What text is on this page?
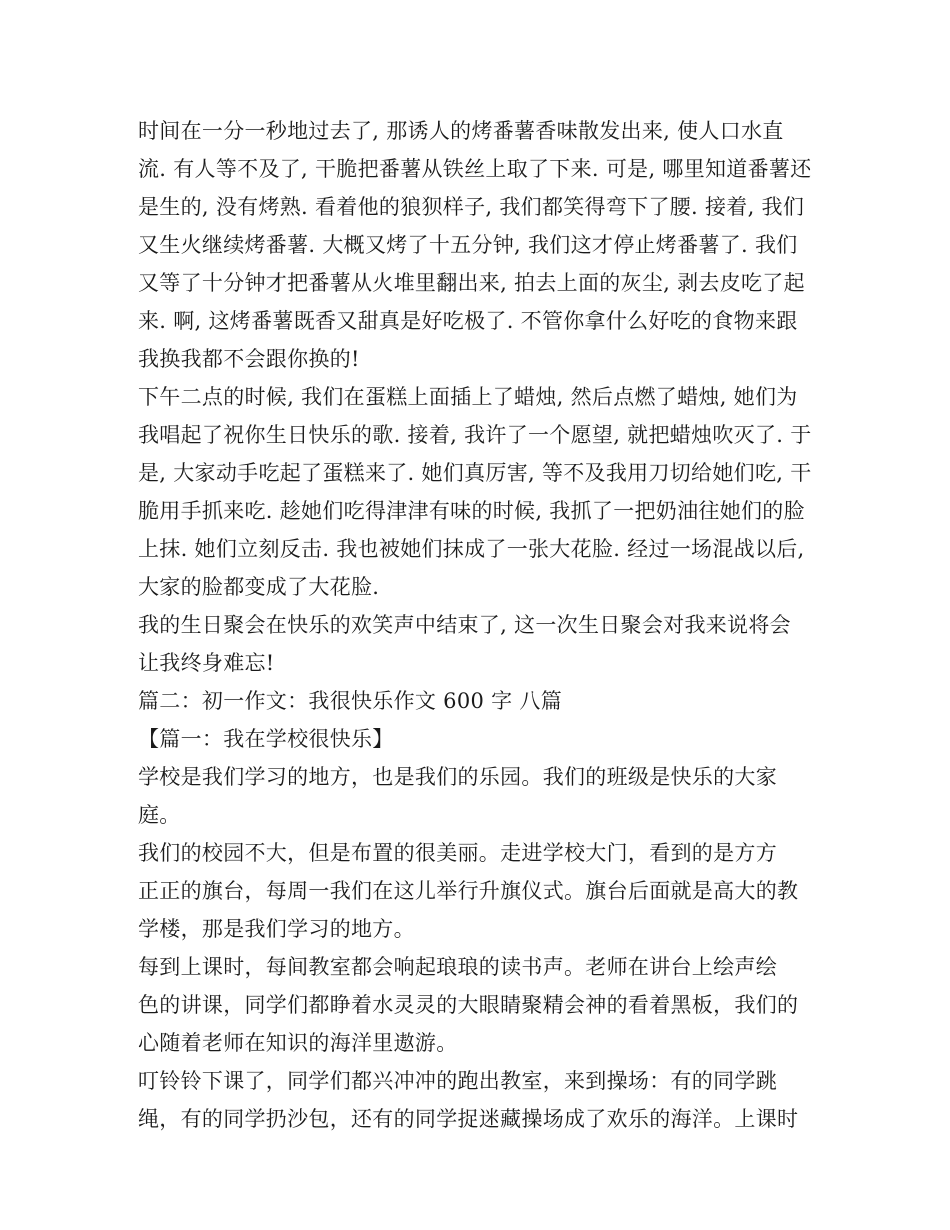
时间在一分一秒地过去了, 那诱人的烤番薯香味散发出来, 使人口水直
流. 有人等不及了, 干脆把番薯从铁丝上取了下来. 可是, 哪里知道番薯还
是生的, 没有烤熟. 看着他的狼狈样子, 我们都笑得弯下了腰. 接着, 我们
又生火继续烤番薯. 大概又烤了十五分钟, 我们这才停止烤番薯了. 我们
又等了十分钟才把番薯从火堆里翻出来, 拍去上面的灰尘, 剥去皮吃了起
来. 啊, 这烤番薯既香又甜真是好吃极了. 不管你拿什么好吃的食物来跟
我换我都不会跟你换的!
下午二点的时候, 我们在蛋糕上面插上了蜡烛, 然后点燃了蜡烛, 她们为
我唱起了祝你生日快乐的歌. 接着, 我许了一个愿望, 就把蜡烛吹灭了. 于
是, 大家动手吃起了蛋糕来了. 她们真厉害, 等不及我用刀切给她们吃, 干
脆用手抓来吃. 趁她们吃得津津有味的时候, 我抓了一把奶油往她们的脸
上抹. 她们立刻反击. 我也被她们抹成了一张大花脸. 经过一场混战以后,
大家的脸都变成了大花脸.
我的生日聚会在快乐的欢笑声中结束了, 这一次生日聚会对我来说将会
让我终身难忘!
篇二：初一作文：我很快乐作文 600 字 八篇
【篇一：我在学校很快乐】
学校是我们学习的地方，也是我们的乐园。我们的班级是快乐的大家
庭。
我们的校园不大，但是布置的很美丽。走进学校大门，看到的是方方
正正的旗台，每周一我们在这儿举行升旗仪式。旗台后面就是高大的教
学楼，那是我们学习的地方。
每到上课时，每间教室都会响起琅琅的读书声。老师在讲台上绘声绘
色的讲课，同学们都睁着水灵灵的大眼睛聚精会神的看着黑板，我们的
心随着老师在知识的海洋里遨游。
叮铃铃下课了，同学们都兴冲冲的跑出教室，来到操场：有的同学跳
绳，有的同学扔沙包，还有的同学捉迷藏操场成了欢乐的海洋。上课时
